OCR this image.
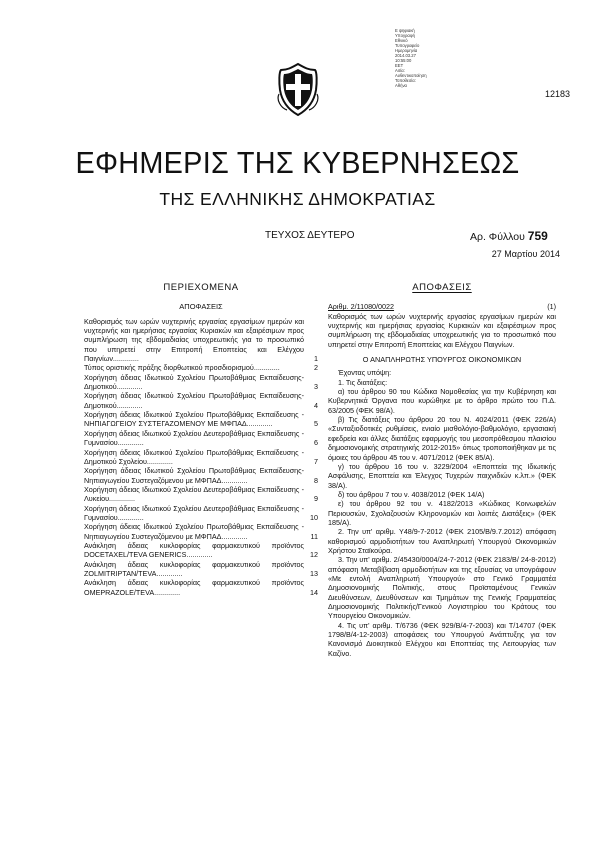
Ε ψηφιακή
Υπογραφή
Εθνικό
Τυπογραφείο
Ημερομηνία
2014.03.27
10:55:00
EET
Αιτία:
Αυθεντικοποίηση
Τοποθεσία:
Αθήνα
12183
ΕΦΗΜΕΡΙΣ ΤΗΣ ΚΥΒΕΡΝΗΣΕΩΣ
ΤΗΣ ΕΛΛΗΝΙΚΗΣ ΔΗΜΟΚΡΑΤΙΑΣ
ΤΕΥΧΟΣ ΔΕΥΤΕΡΟ	Αρ. Φύλλου 759
27 Μαρτίου 2014
ΠΕΡΙΕΧΟΜΕΝΑ
ΑΠΟΦΑΣΕΙΣ
Καθορισμός των ωρών νυχτερινής εργασίας εργασίμων ημερών και νυχτερινής και ημερήσιας εργασίας Κυριακών και εξαιρέσιμων προς συμπλήρωση της εβδομαδιαίας υποχρεωτικής για το προσωπικό που υπηρετεί στην Επιτροπή Εποπτείας και Ελέγχου Παιγνίων.............	1
Τύπος οριστικής πράξης διορθωτικού προσδιορισμού.............	2
Χορήγηση άδειας Ιδιωτικού Σχολείου Πρωτοβάθμιας Εκπαίδευσης-Δημοτικού.............	3
Χορήγηση άδειας Ιδιωτικού Σχολείου Πρωτοβάθμιας Εκπαίδευσης-Δημοτικού.............	4
Χορήγηση άδειας Ιδιωτικού Σχολείου Πρωτοβάθμιας Εκπαίδευσης - ΝΗΠΙΑΓΩΓΕΙΟΥ ΣΥΣΤΕΓΑΖΟΜΕΝΟΥ ΜΕ ΜΦΠΑΔ.............	5
Χορήγηση άδειας Ιδιωτικού Σχολείου Δευτεροβάθμιας Εκπαίδευσης - Γυμνασίου.............	6
Χορήγηση άδειας Ιδιωτικού Σχολείου Πρωτοβάθμιας Εκπαίδευσης - Δημοτικού Σχολείου.............	7
Χορήγηση άδειας Ιδιωτικού Σχολείου Πρωτοβάθμιας Εκπαίδευσης-Νηπιαγωγείου Συστεγαζόμενου με ΜΦΠΑΔ.............	8
Χορήγηση άδειας Ιδιωτικού Σχολείου Δευτεροβάθμιας Εκπαίδευσης - Λυκείου.............	9
Χορήγηση άδειας Ιδιωτικού Σχολείου Δευτεροβάθμιας Εκπαίδευσης - Γυμνασίου.............	10
Χορήγηση άδειας Ιδιωτικού Σχολείου Πρωτοβάθμιας Εκπαίδευσης - Νηπιαγωγείου Συστεγαζόμενου με ΜΦΠΑΔ.............	11
Ανάκληση άδειας κυκλοφορίας φαρμακευτικού προϊόντος DOCETAXEL/TEVA GENERICS.............	12
Ανάκληση άδειας κυκλοφορίας φαρμακευτικού προϊόντος ZOLMITRIPTAN/TEVA.............	13
Ανάκληση άδειας κυκλοφορίας φαρμακευτικού προϊόντος OMEPRAZOLE/TEVA.............	14
ΑΠΟΦΑΣΕΙΣ
Αριθμ. 2/11080/0022	(1)
Καθορισμός των ωρών νυχτερινής εργασίας εργασίμων ημερών και νυχτερινής και ημερήσιας εργασίας Κυριακών και εξαιρέσιμων προς συμπλήρωση της εβδομαδιαίας υποχρεωτικής για το προσωπικό που υπηρετεί στην Επιτροπή Εποπτείας και Ελέγχου Παιγνίων.
Ο ΑΝΑΠΛΗΡΩΤΗΣ ΥΠΟΥΡΓΟΣ ΟΙΚΟΝΟΜΙΚΩΝ
Έχοντας υπόψη:
1. Τις διατάξεις:
α) του άρθρου 90 του Κώδικα Νομοθεσίας για την Κυβέρνηση και Κυβερνητικά Όργανα που κυρώθηκε με το άρθρο πρώτο του Π.Δ. 63/2005 (ΦΕΚ 98/Α).
β) Τις διατάξεις του άρθρου 20 του Ν. 4024/2011 (ΦΕΚ 226/Α) «Συνταξιοδοτικές ρυθμίσεις, ενιαίο μισθολόγιο-βαθμολόγιο, εργασιακή εφεδρεία και άλλες διατάξεις εφαρμογής του μεσοπρόθεσμου πλαισίου δημοσιονομικής στρατηγικής 2012-2015» όπως τροποποιήθηκαν με τις όμοιες του άρθρου 45 του ν. 4071/2012 (ΦΕΚ 85/Α).
γ) του άρθρου 16 του ν. 3229/2004 «Εποπτεία της Ιδιωτικής Ασφάλισης, Εποπτεία και Έλεγχος Τυχερών παιχνιδιών κ.λπ.» (ΦΕΚ 38/Α).
δ) του άρθρου 7 του ν. 4038/2012 (ΦΕΚ 14/Α)
ε) του άρθρου 92 του ν. 4182/2013 «Κώδικας Κοινωφελών Περιουσιών, Σχολαζουσών Κληρονομιών και λοιπές Διατάξεις» (ΦΕΚ 185/Α).
2. Την υπ' αριθμ. Υ48/9-7-2012 (ΦΕΚ 2105/Β/9.7.2012) απόφαση καθορισμού αρμοδιοτήτων του Αναπληρωτή Υπουργού Οικονομικών Χρήστου Σταϊκούρα.
3. Την υπ' αριθμ. 2/45430/0004/24-7-2012 (ΦΕΚ 2183/Β/ 24-8-2012) απόφαση Μεταβίβαση αρμοδιοτήτων και της εξουσίας να υπογράφουν «Με εντολή Αναπληρωτή Υπουργού» στο Γενικό Γραμματέα Δημοσιονομικής Πολιτικής, στους Προϊσταμένους Γενικών Διευθύνσεων, Διευθύνσεων και Τμημάτων της Γενικής Γραμματείας Δημοσιονομικής Πολιτικής/Γενικού Λογιστηρίου του Κράτους του Υπουργείου Οικονομικών.
4. Τις υπ' αριθμ. Τ/6736 (ΦΕΚ 929/Β/4-7-2003) και Τ/14707 (ΦΕΚ 1798/Β/4-12-2003) αποφάσεις του Υπουργού Ανάπτυξης για τον Κανονισμό Διοικητικού Ελέγχου και Εποπτείας της Λειτουργίας των Καζίνο.
